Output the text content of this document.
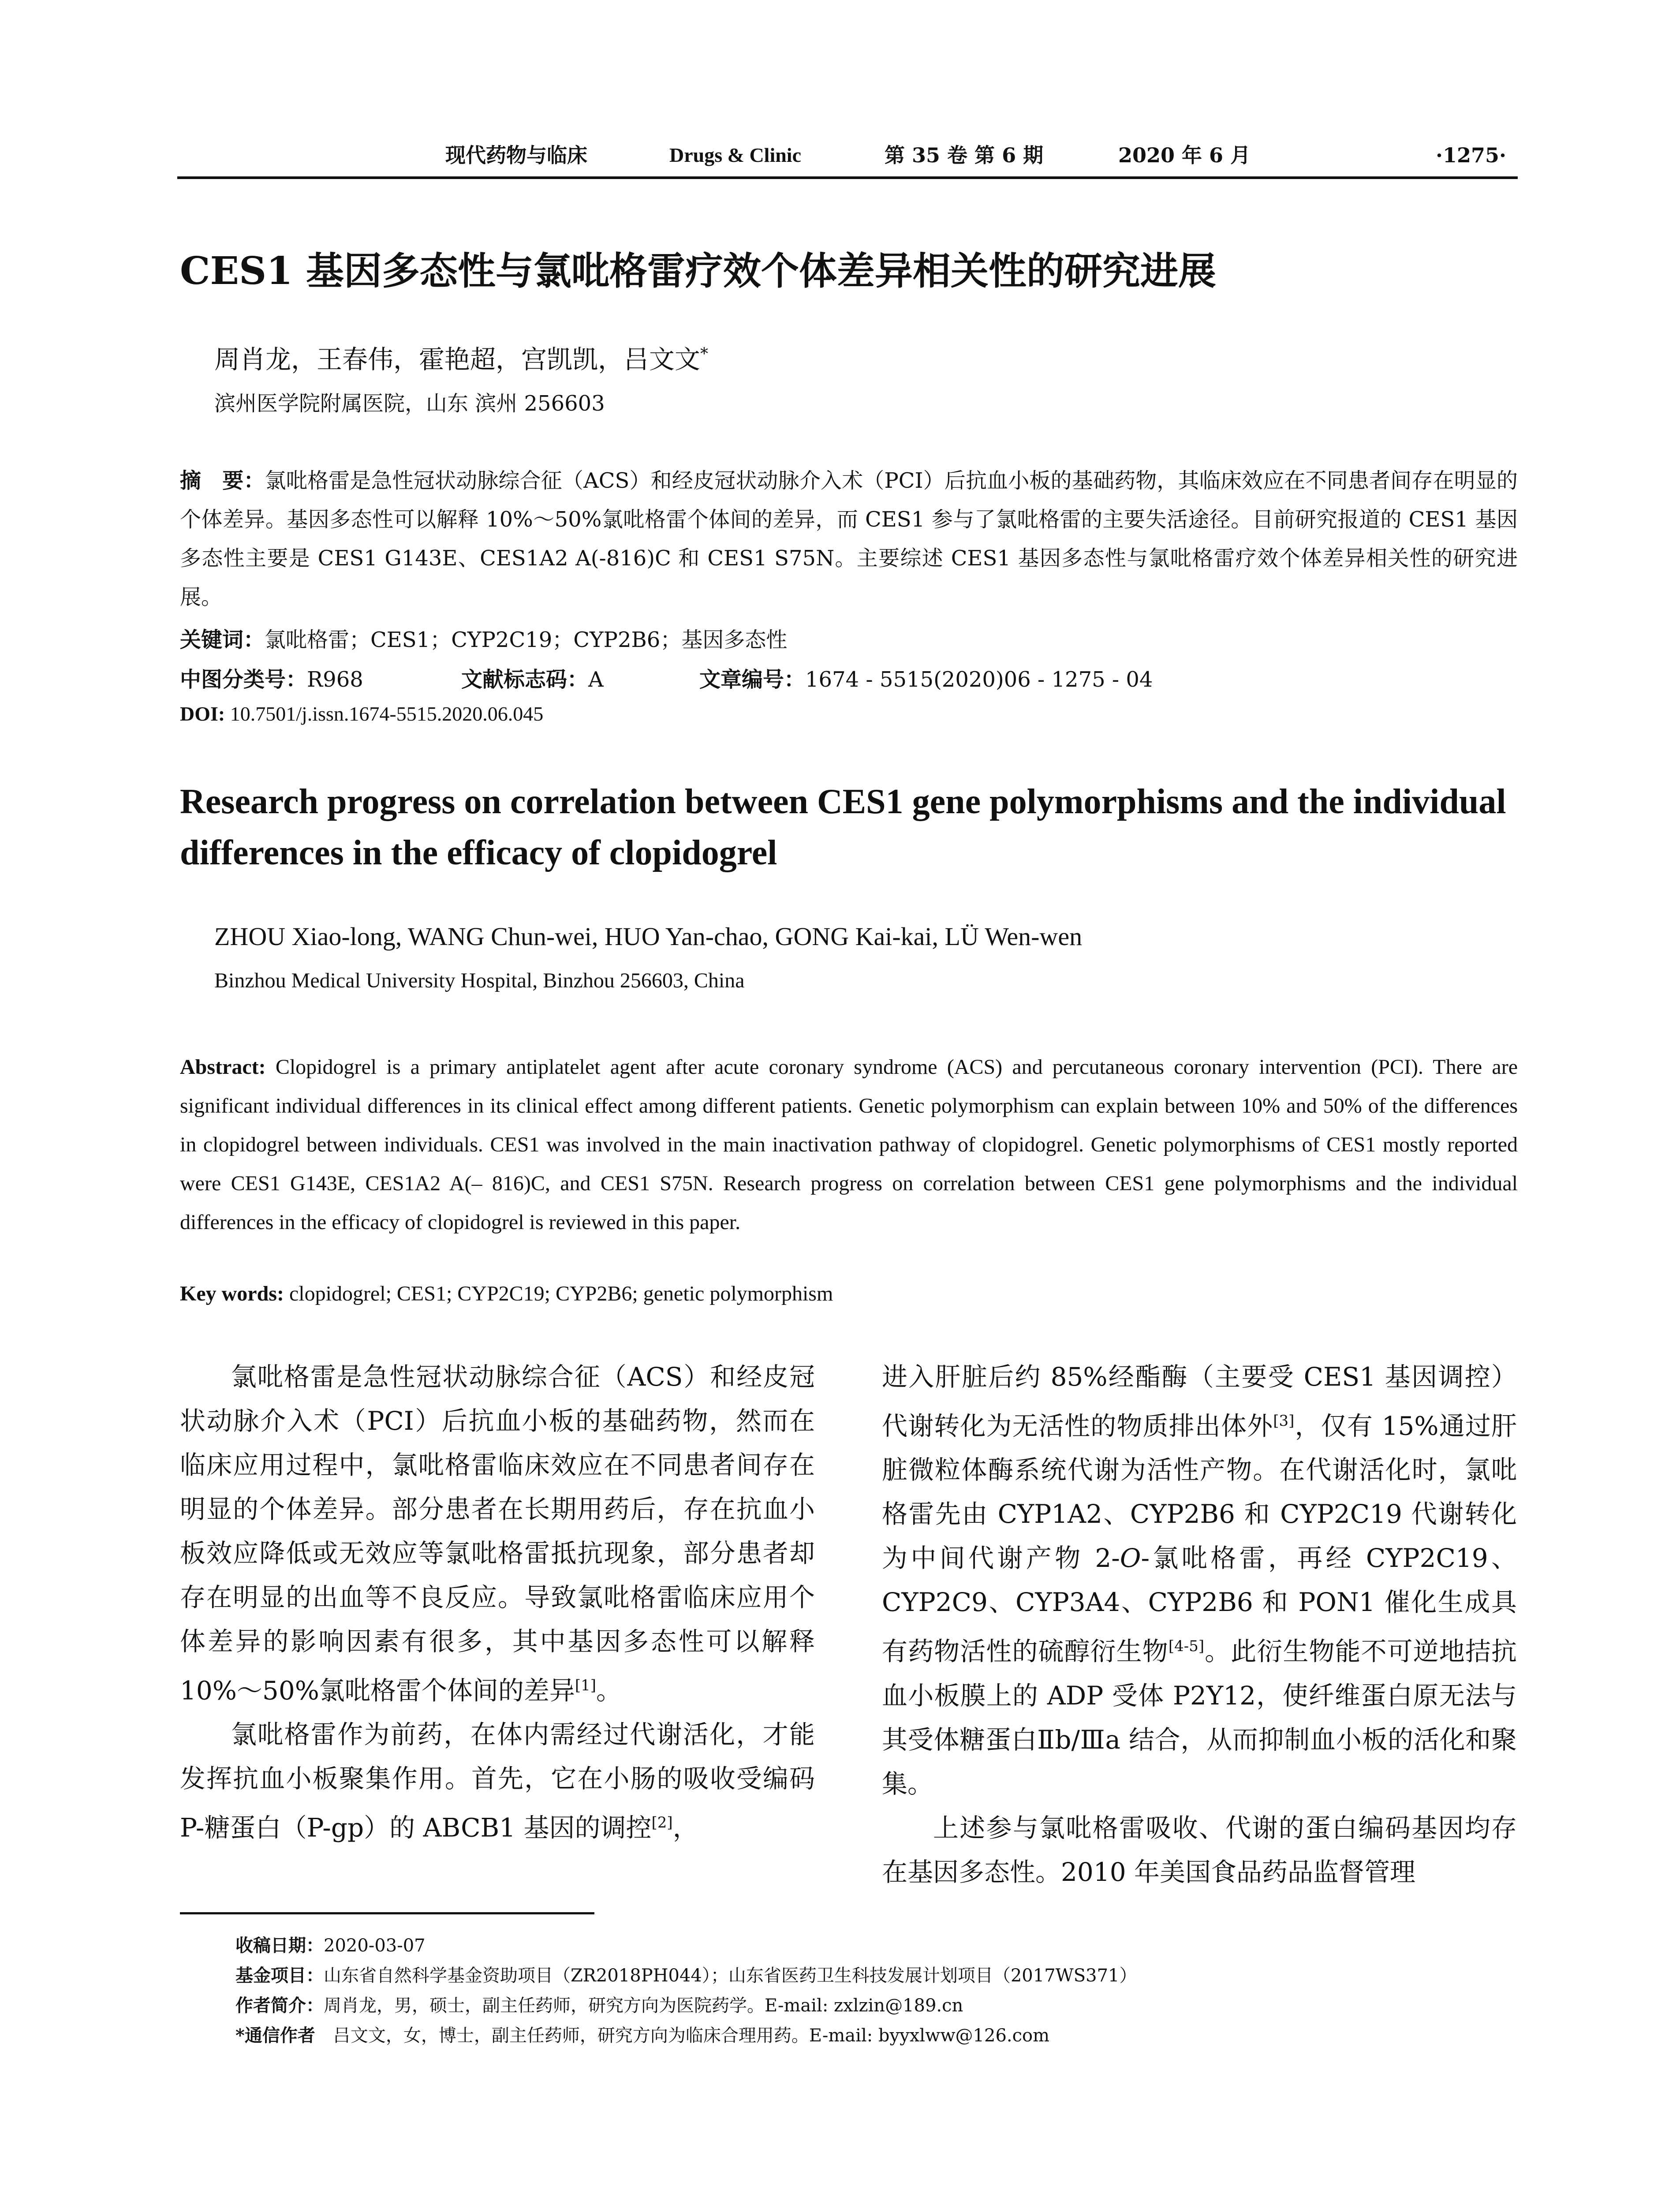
现代药物与临床	Drugs & Clinic	第 35 卷 第 6 期	2020 年 6 月	·1275·
CES1 基因多态性与氯吡格雷疗效个体差异相关性的研究进展
周肖龙，王春伟，霍艳超，宫凯凯，吕文文*
滨州医学院附属医院，山东 滨州 256603
摘　要：氯吡格雷是急性冠状动脉综合征（ACS）和经皮冠状动脉介入术（PCI）后抗血小板的基础药物，其临床效应在不同患者间存在明显的个体差异。基因多态性可以解释 10%～50%氯吡格雷个体间的差异，而 CES1 参与了氯吡格雷的主要失活途径。目前研究报道的 CES1 基因多态性主要是 CES1 G143E、CES1A2 A(-816)C 和 CES1 S75N。主要综述 CES1 基因多态性与氯吡格雷疗效个体差异相关性的研究进展。
关键词：氯吡格雷；CES1；CYP2C19；CYP2B6；基因多态性
中图分类号：R968	文献标志码：A	文章编号：1674 - 5515(2020)06 - 1275 - 04
DOI: 10.7501/j.issn.1674-5515.2020.06.045
Research progress on correlation between CES1 gene polymorphisms and the individual differences in the efficacy of clopidogrel
ZHOU Xiao-long, WANG Chun-wei, HUO Yan-chao, GONG Kai-kai, LÜ Wen-wen
Binzhou Medical University Hospital, Binzhou 256603, China
Abstract: Clopidogrel is a primary antiplatelet agent after acute coronary syndrome (ACS) and percutaneous coronary intervention (PCI). There are significant individual differences in its clinical effect among different patients. Genetic polymorphism can explain between 10% and 50% of the differences in clopidogrel between individuals. CES1 was involved in the main inactivation pathway of clopidogrel. Genetic polymorphisms of CES1 mostly reported were CES1 G143E, CES1A2 A(– 816)C, and CES1 S75N. Research progress on correlation between CES1 gene polymorphisms and the individual differences in the efficacy of clopidogrel is reviewed in this paper.
Key words: clopidogrel; CES1; CYP2C19; CYP2B6; genetic polymorphism

氯吡格雷是急性冠状动脉综合征（ACS）和经皮冠状动脉介入术（PCI）后抗血小板的基础药物，然而在临床应用过程中，氯吡格雷临床效应在不同患者间存在明显的个体差异。部分患者在长期用药后，存在抗血小板效应降低或无效应等氯吡格雷抵抗现象，部分患者却存在明显的出血等不良反应。导致氯吡格雷临床应用个体差异的影响因素有很多，其中基因多态性可以解释 10%～50%氯吡格雷个体间的差异[1]。

氯吡格雷作为前药，在体内需经过代谢活化，才能发挥抗血小板聚集作用。首先，它在小肠的吸收受编码 P-糖蛋白（P-gp）的 ABCB1 基因的调控[2]，

进入肝脏后约 85%经酯酶（主要受 CES1 基因调控）代谢转化为无活性的物质排出体外[3]，仅有 15%通过肝脏微粒体酶系统代谢为活性产物。在代谢活化时，氯吡格雷先由 CYP1A2、CYP2B6 和 CYP2C19 代谢转化为中间代谢产物 2-O-氯吡格雷，再经 CYP2C19、CYP2C9、CYP3A4、CYP2B6 和 PON1 催化生成具有药物活性的硫醇衍生物[4-5]。此衍生物能不可逆地拮抗血小板膜上的 ADP 受体 P2Y12，使纤维蛋白原无法与其受体糖蛋白Ⅱb/Ⅲa 结合，从而抑制血小板的活化和聚集。

上述参与氯吡格雷吸收、代谢的蛋白编码基因均存在基因多态性。2010 年美国食品药品监督管理

收稿日期：2020-03-07
基金项目：山东省自然科学基金资助项目（ZR2018PH044）；山东省医药卫生科技发展计划项目（2017WS371）
作者简介：周肖龙，男，硕士，副主任药师，研究方向为医院药学。E-mail: zxlzin@189.cn
*通信作者　 吕文文，女，博士，副主任药师，研究方向为临床合理用药。E-mail: byyxlww@126.com
